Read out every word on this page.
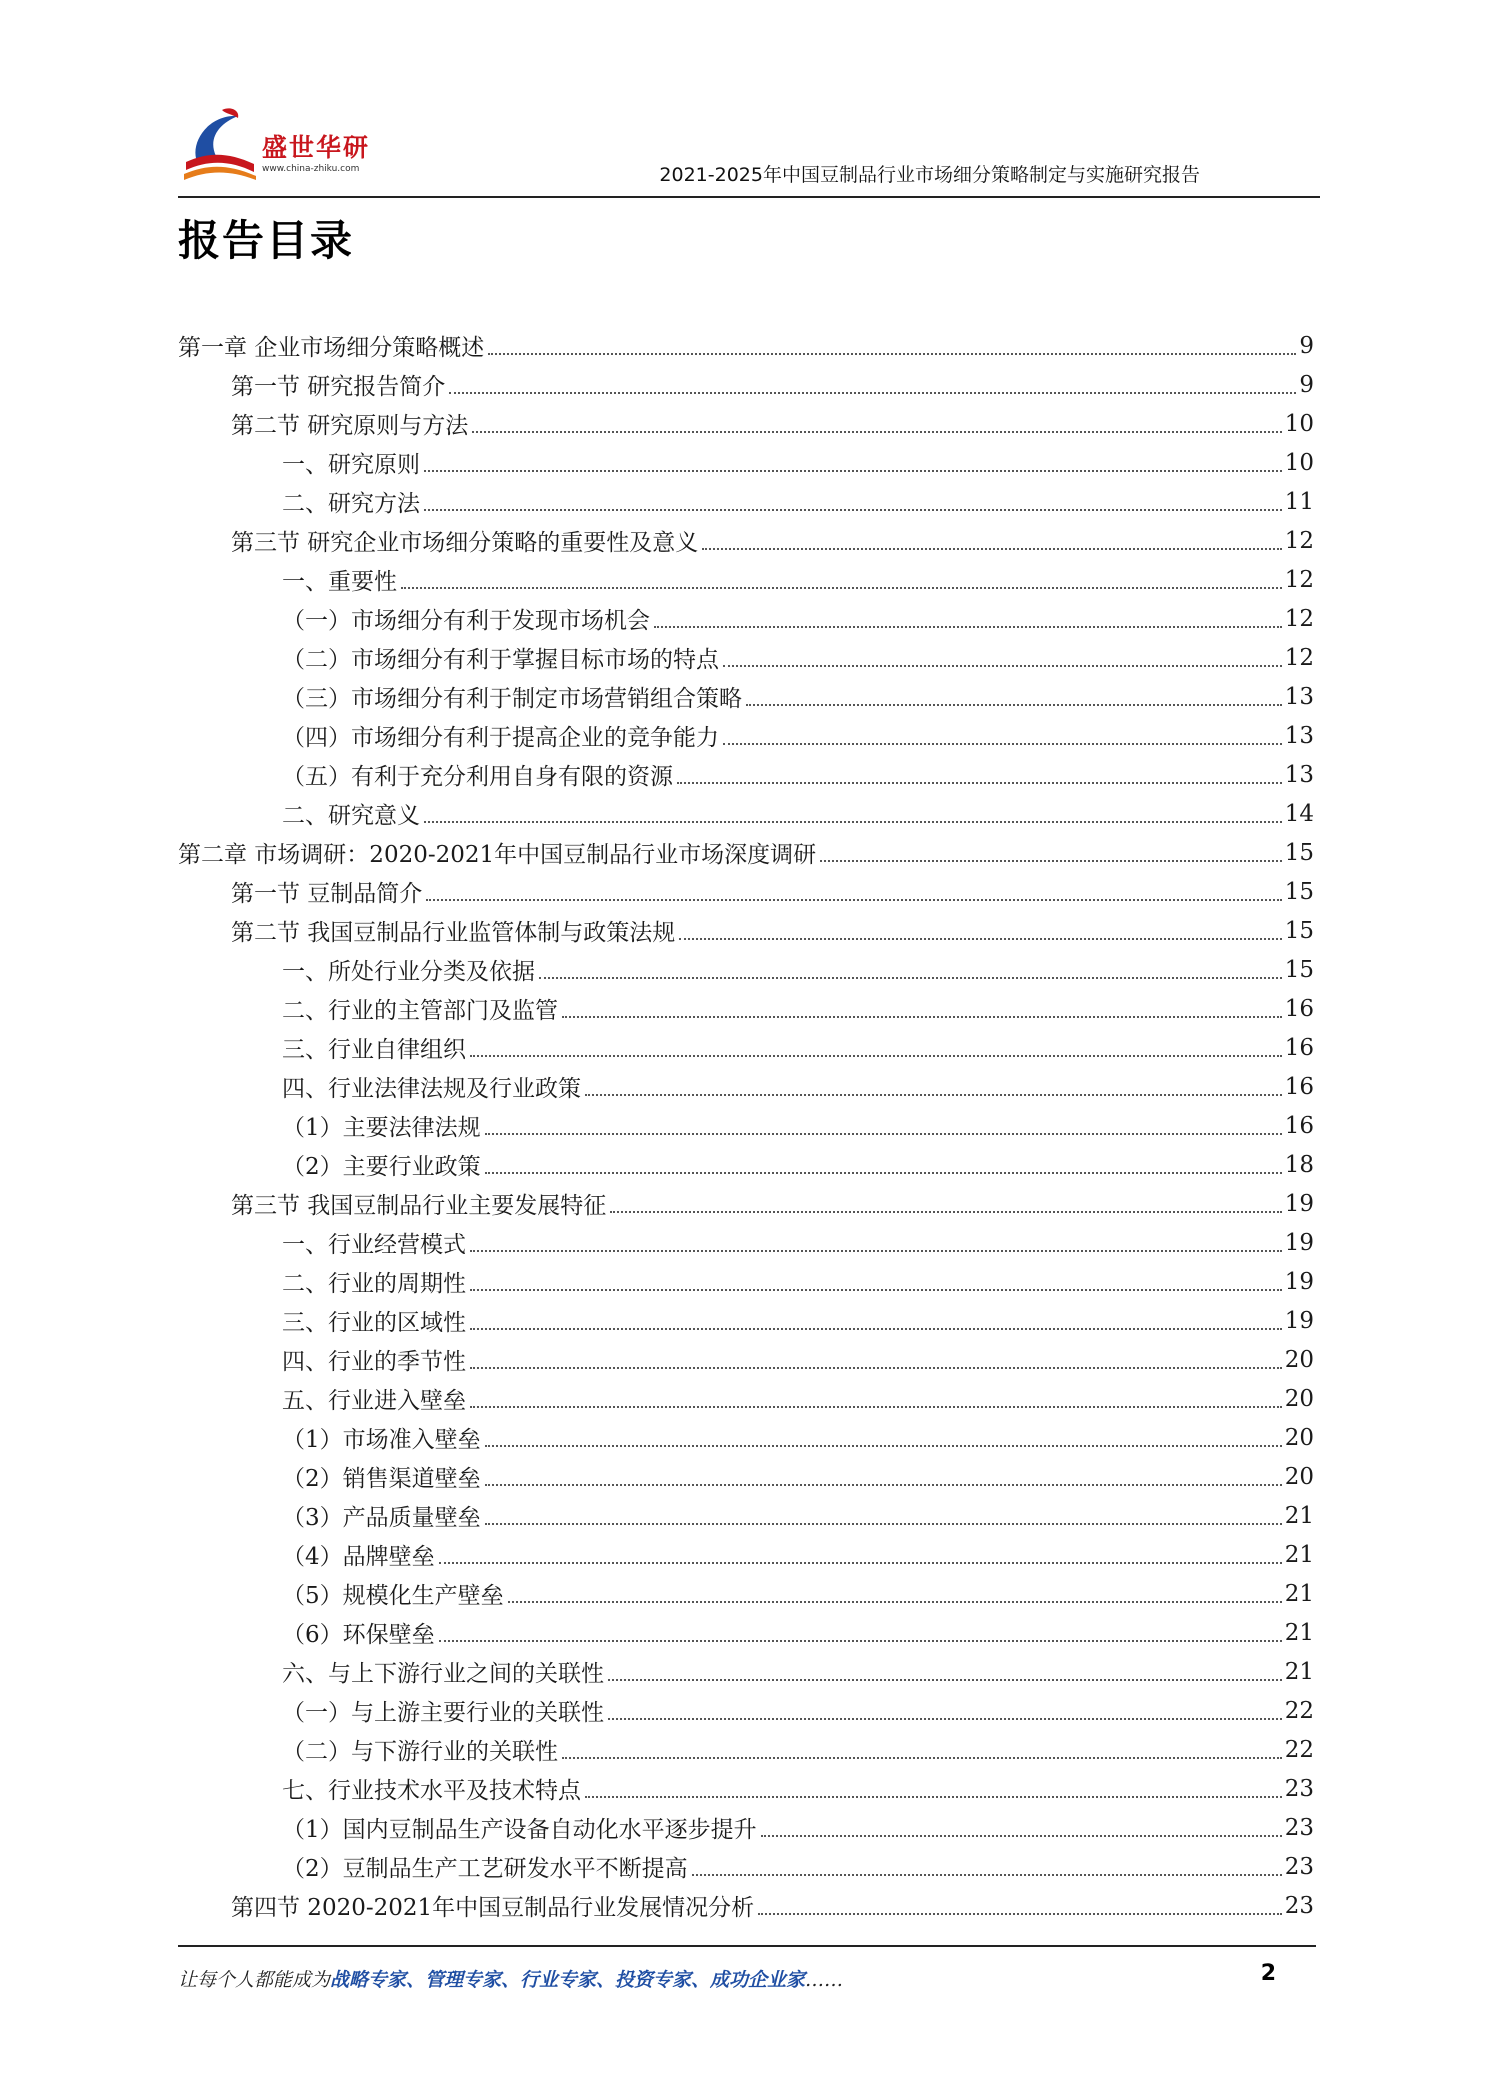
盛世华研
www.china-zhiku.com	2021-2025年中国豆制品行业市场细分策略制定与实施研究报告
报告目录
第一章 企业市场细分策略概述	9
第一节 研究报告简介	9
第二节 研究原则与方法	10
一、研究原则	10
二、研究方法	11
第三节 研究企业市场细分策略的重要性及意义	12
一、重要性	12
（一）市场细分有利于发现市场机会	12
（二）市场细分有利于掌握目标市场的特点	12
（三）市场细分有利于制定市场营销组合策略	13
（四）市场细分有利于提高企业的竞争能力	13
（五）有利于充分利用自身有限的资源	13
二、研究意义	14
第二章 市场调研：2020-2021年中国豆制品行业市场深度调研	15
第一节 豆制品简介	15
第二节 我国豆制品行业监管体制与政策法规	15
一、所处行业分类及依据	15
二、行业的主管部门及监管	16
三、行业自律组织	16
四、行业法律法规及行业政策	16
（1）主要法律法规	16
（2）主要行业政策	18
第三节 我国豆制品行业主要发展特征	19
一、行业经营模式	19
二、行业的周期性	19
三、行业的区域性	19
四、行业的季节性	20
五、行业进入壁垒	20
（1）市场准入壁垒	20
（2）销售渠道壁垒	20
（3）产品质量壁垒	21
（4）品牌壁垒	21
（5）规模化生产壁垒	21
（6）环保壁垒	21
六、与上下游行业之间的关联性	21
（一）与上游主要行业的关联性	22
（二）与下游行业的关联性	22
七、行业技术水平及技术特点	23
（1）国内豆制品生产设备自动化水平逐步提升	23
（2）豆制品生产工艺研发水平不断提高	23
第四节 2020-2021年中国豆制品行业发展情况分析	23
让每个人都能成为战略专家、管理专家、行业专家、投资专家、成功企业家……	2
